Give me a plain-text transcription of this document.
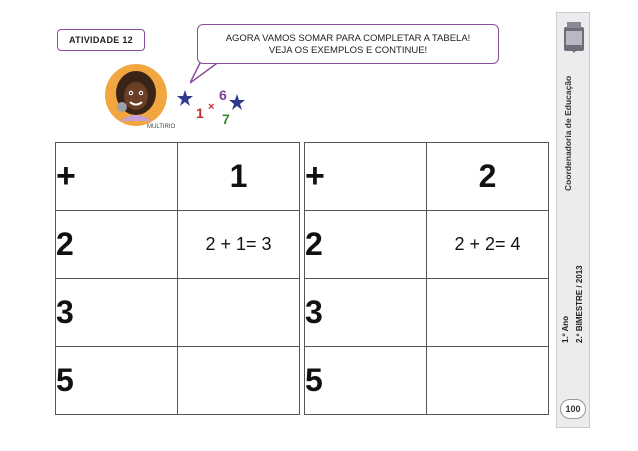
ATIVIDADE 12	AGORA VAMOS SOMAR PARA COMPLETAR A TABELA!
VEJA OS EXEMPLOS E CONTINUE!
MULTIRIO
6
×
1 7
+	1
2	2 + 1= 3
3	
5	
+	2
2	2 + 2= 4
3	
5	
Coordenadoria de Educação
1.º Ano 2.º BIMESTRE / 2013
100
